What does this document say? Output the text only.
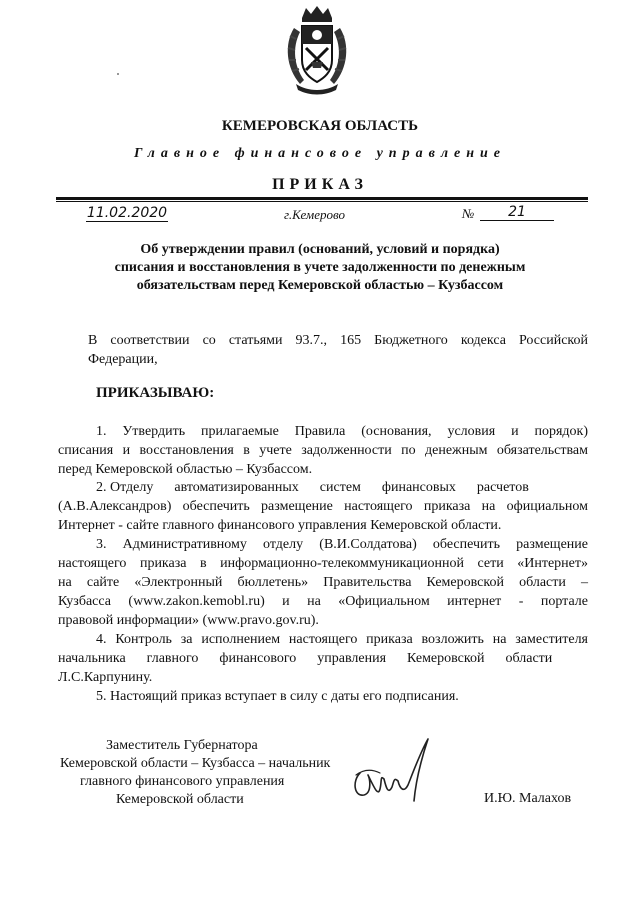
КЕМЕРОВСКАЯ ОБЛАСТЬ
Главное финансовое управление
ПРИКАЗ
11.02.2020	г.Кемерово	№	21
Об утверждении правил (оснований, условий и порядка)
списания и восстановления в учете задолженности по денежным
обязательствам перед Кемеровской областью – Кузбассом
В соответствии со статьями 93.7., 165 Бюджетного кодекса Российской
Федерации,
ПРИКАЗЫВАЮ:
1. Утвердить прилагаемые Правила (основания, условия и порядок)
списания и восстановления в учете задолженности по денежным обязательствам
перед Кемеровской областью – Кузбассом.
2. Отделу      автоматизированных      систем      финансовых      расчетов
(А.В.Александров) обеспечить размещение настоящего приказа на официальном
Интернет - сайте главного финансового управления Кемеровской области.
3. Административному отделу (В.И.Солдатова) обеспечить размещение
настоящего приказа в информационно-телекоммуникационной сети «Интернет»
на сайте «Электронный бюллетень» Правительства Кемеровской области –
Кузбасса (www.zakon.kemobl.ru) и на «Официальном интернет - портале
правовой информации» (www.pravo.gov.ru).
4. Контроль за исполнением настоящего приказа возложить на заместителя
начальника      главного      финансового      управления      Кемеровской      области
Л.С.Карпунину.
5. Настоящий приказ вступает в силу с даты его подписания.
Заместитель Губернатора
Кемеровской области – Кузбасса – начальник
главного финансового управления
Кемеровской области	И.Ю. Малахов
